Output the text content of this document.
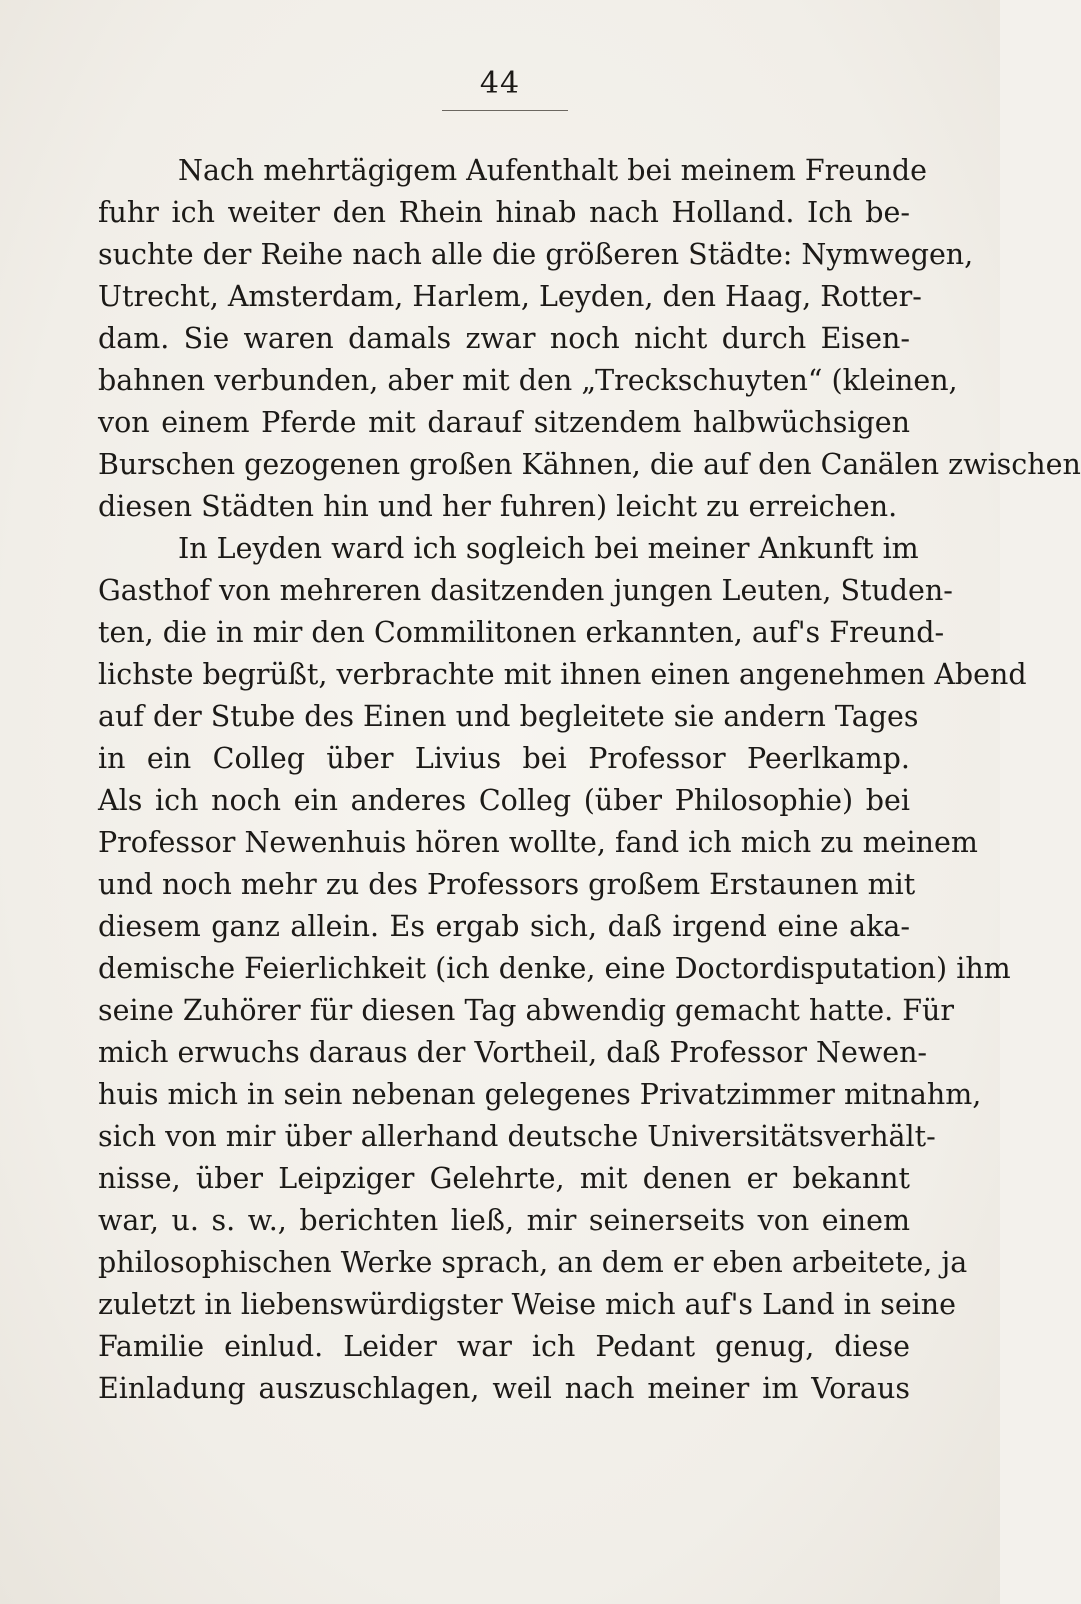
44
Nach mehrtägigem Aufenthalt bei meinem Freunde
fuhr ich weiter den Rhein hinab nach Holland. Ich be-
suchte der Reihe nach alle die größeren Städte: Nymwegen,
Utrecht, Amsterdam, Harlem, Leyden, den Haag, Rotter-
dam. Sie waren damals zwar noch nicht durch Eisen-
bahnen verbunden, aber mit den „Treckschuyten“ (kleinen,
von einem Pferde mit darauf sitzendem halbwüchsigen
Burschen gezogenen großen Kähnen, die auf den Canälen zwischen
diesen Städten hin und her fuhren) leicht zu erreichen.
In Leyden ward ich sogleich bei meiner Ankunft im
Gasthof von mehreren dasitzenden jungen Leuten, Studen-
ten, die in mir den Commilitonen erkannten, auf's Freund-
lichste begrüßt, verbrachte mit ihnen einen angenehmen Abend
auf der Stube des Einen und begleitete sie andern Tages
in ein Colleg über Livius bei Professor Peerlkamp.
Als ich noch ein anderes Colleg (über Philosophie) bei
Professor Newenhuis hören wollte, fand ich mich zu meinem
und noch mehr zu des Professors großem Erstaunen mit
diesem ganz allein. Es ergab sich, daß irgend eine aka-
demische Feierlichkeit (ich denke, eine Doctordisputation) ihm
seine Zuhörer für diesen Tag abwendig gemacht hatte. Für
mich erwuchs daraus der Vortheil, daß Professor Newen-
huis mich in sein nebenan gelegenes Privatzimmer mitnahm,
sich von mir über allerhand deutsche Universitätsverhält-
nisse, über Leipziger Gelehrte, mit denen er bekannt
war, u. s. w., berichten ließ, mir seinerseits von einem
philosophischen Werke sprach, an dem er eben arbeitete, ja
zuletzt in liebenswürdigster Weise mich auf's Land in seine
Familie einlud. Leider war ich Pedant genug, diese
Einladung auszuschlagen, weil nach meiner im Voraus
